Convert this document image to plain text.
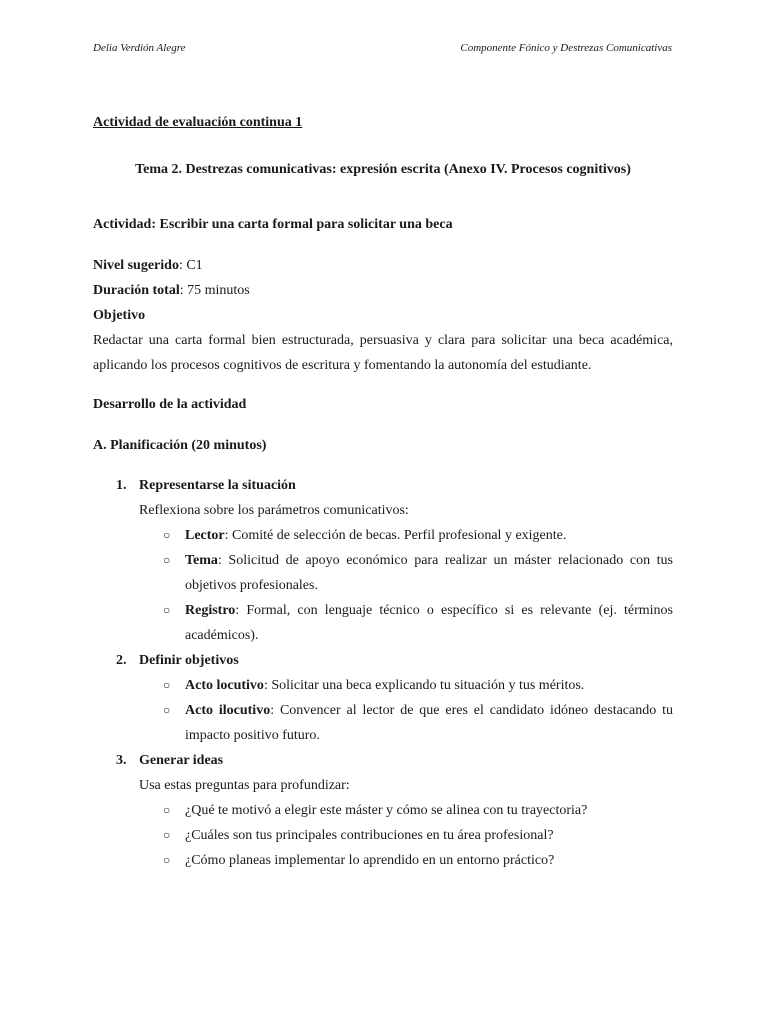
Delia Verdión Alegre	Componente Fónico y Destrezas Comunicativas

Actividad de evaluación continua 1

Tema 2. Destrezas comunicativas: expresión escrita (Anexo IV. Procesos cognitivos)

Actividad: Escribir una carta formal para solicitar una beca

Nivel sugerido: C1

Duración total: 75 minutos

Objetivo

Redactar una carta formal bien estructurada, persuasiva y clara para solicitar una beca académica, aplicando los procesos cognitivos de escritura y fomentando la autonomía del estudiante.

Desarrollo de la actividad

A. Planificación (20 minutos)

1. Representarse la situación
Reflexiona sobre los parámetros comunicativos:
○ Lector: Comité de selección de becas. Perfil profesional y exigente.
○ Tema: Solicitud de apoyo económico para realizar un máster relacionado con tus objetivos profesionales.
○ Registro: Formal, con lenguaje técnico o específico si es relevante (ej. términos académicos).
2. Definir objetivos
○ Acto locutivo: Solicitar una beca explicando tu situación y tus méritos.
○ Acto ilocutivo: Convencer al lector de que eres el candidato idóneo destacando tu impacto positivo futuro.
3. Generar ideas
Usa estas preguntas para profundizar:
○ ¿Qué te motivó a elegir este máster y cómo se alinea con tu trayectoria?
○ ¿Cuáles son tus principales contribuciones en tu área profesional?
○ ¿Cómo planeas implementar lo aprendido en un entorno práctico?
